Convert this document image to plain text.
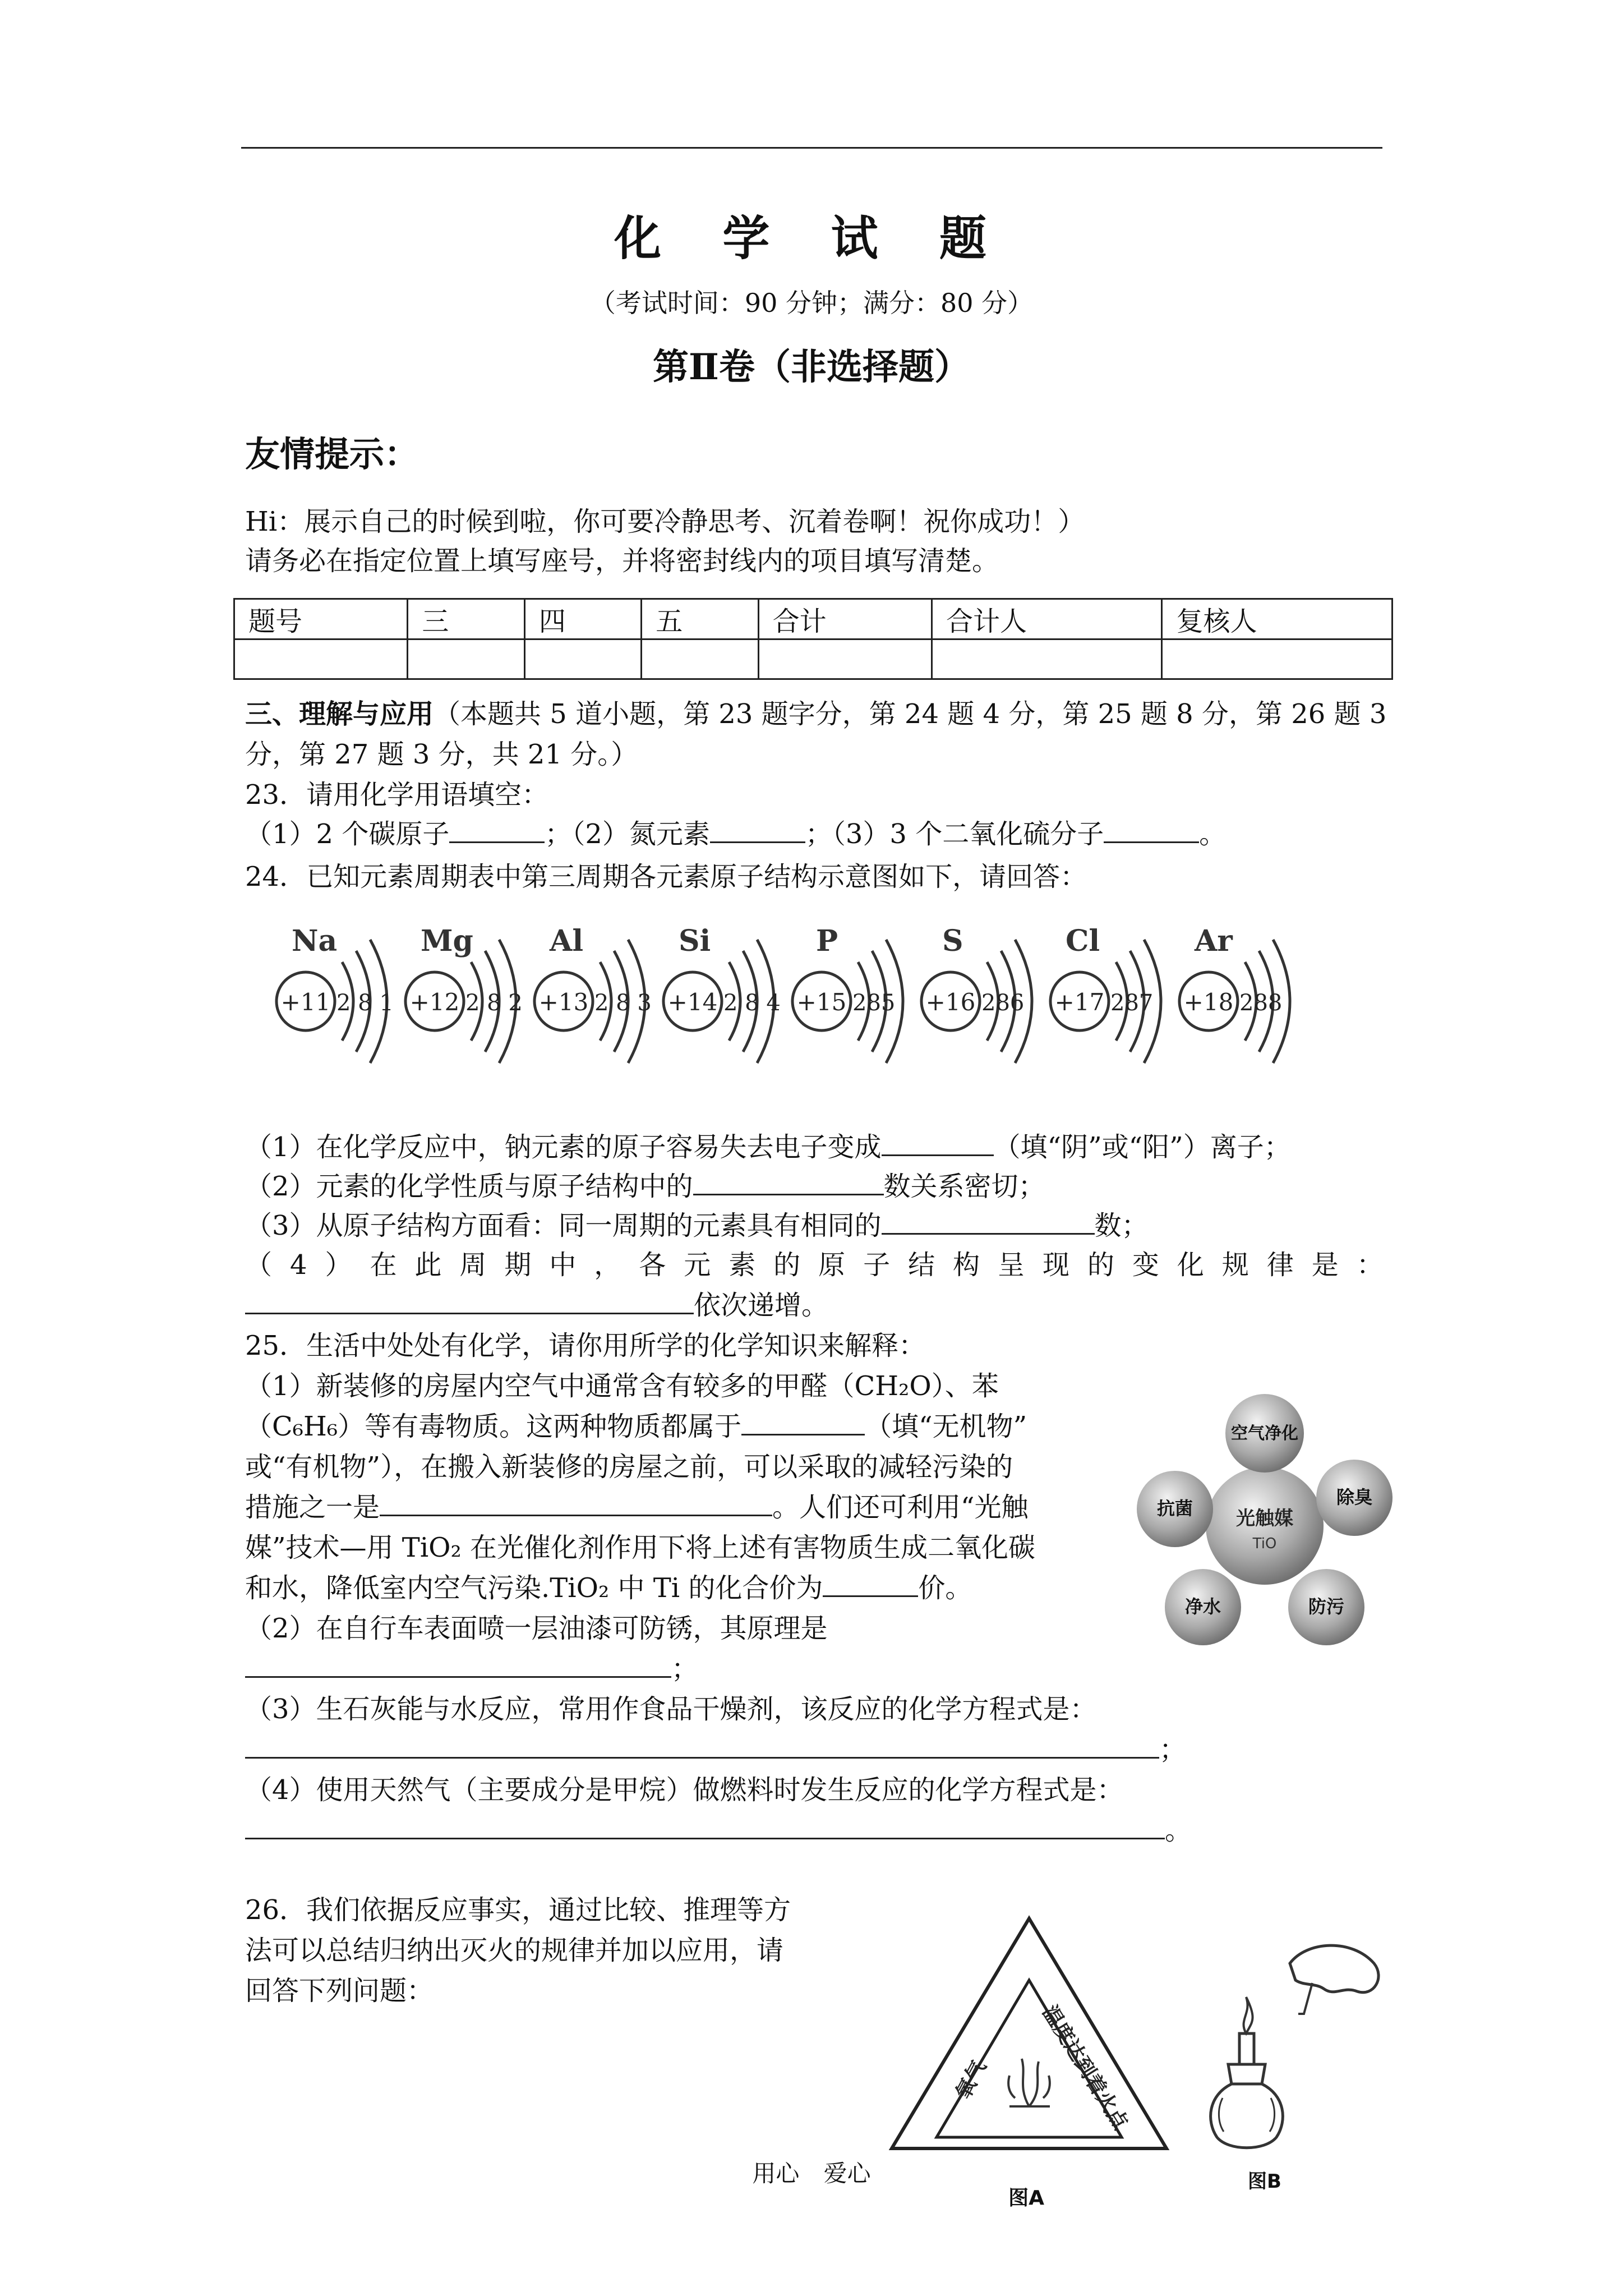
化 学 试 题
（考试时间：90 分钟；满分：80 分）
第Ⅱ卷（非选择题）
友情提示：
Hi：展示自己的时候到啦，你可要冷静思考、沉着卷啊！祝你成功！）
请务必在指定位置上填写座号，并将密封线内的项目填写清楚。
题号	三	四	五	合计	合计人	复核人

三、理解与应用（本题共 5 道小题，第 23 题字分，第 24 题 4 分，第 25 题 8 分，第 26 题 3
分，第 27 题 3 分，共 21 分。）
23．请用化学用语填空：
（1）2 个碳原子	；（2）氮元素	；（3）3 个二氧化硫分子	。
24．已知元素周期表中第三周期各元素原子结构示意图如下，请回答：
Na
+11 2 8 1
Mg
+12 2 8 2
Al
+13 2 8 3
Si
+14 2 8 4
P
+15 285
S
+16 286
Cl
+17 287
Ar
+18 288
（1）在化学反应中，钠元素的原子容易失去电子变成	（填“阴”或“阳”）离子；
（2）元素的化学性质与原子结构中的	数关系密切；
（3）从原子结构方面看：同一周期的元素具有相同的	数；
（ 4 ） 在 此 周 期 中 ， 各 元 素 的 原 子 结 构 呈 现 的 变 化 规 律 是 ：
依次递增。
25．生活中处处有化学，请你用所学的化学知识来解释：
（1）新装修的房屋内空气中通常含有较多的甲醛（CH₂O）、苯
（C₆H₆）等有毒物质。这两种物质都属于	（填“无机物”
或“有机物”），在搬入新装修的房屋之前，可以采取的减轻污染的
措施之一是	。人们还可利用“光触
媒”技术—用 TiO₂ 在光催化剂作用下将上述有害物质生成二氧化碳
和水，降低室内空气污染.TiO₂ 中 Ti 的化合价为	价。
（2）在自行车表面喷一层油漆可防锈，其原理是
；
（3）生石灰能与水反应，常用作食品干燥剂，该反应的化学方程式是：
；
（4）使用天然气（主要成分是甲烷）做燃料时发生反应的化学方程式是：
。
光触媒
TiO
空气净化
除臭
防污
净水
抗菌
26．我们依据反应事实，通过比较、推理等方
法可以总结归纳出灭火的规律并加以应用，请
回答下列问题：
氧气 温度达到着火点
图A
图B
用心 爱心
